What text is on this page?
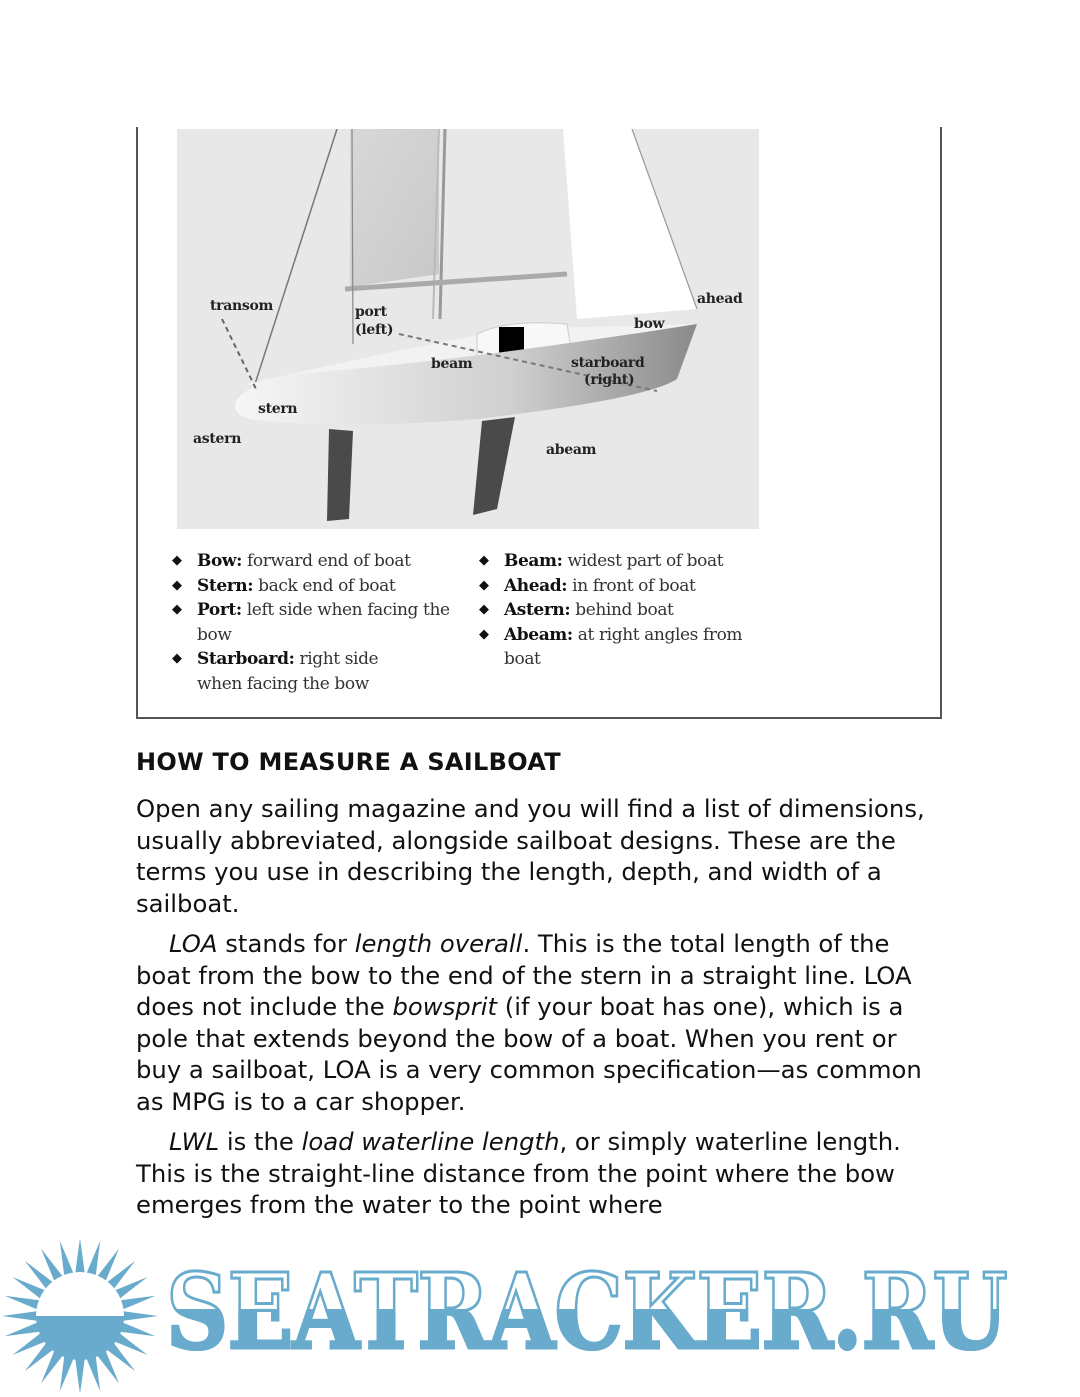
transom	port
(left)
beam	starboard
(right)
bow
ahead
stern
astern
abeam
◆ Bow: forward end of boat
◆ Stern: back end of boat
◆ Port: left side when facing the bow
◆ Starboard: right side when facing the bow
◆ Beam: widest part of boat
◆ Ahead: in front of boat
◆ Astern: behind boat
◆ Abeam: at right angles from boat
HOW TO MEASURE A SAILBOAT

Open any sailing magazine and you will find a list of dimensions, usually abbreviated, alongside sailboat designs. These are the terms you use in describing the length, depth, and width of a sailboat.

LOA stands for length overall. This is the total length of the boat from the bow to the end of the stern in a straight line. LOA does not include the bowsprit (if your boat has one), which is a pole that extends beyond the bow of a boat. When you rent or buy a sailboat, LOA is a very common specification—as common as MPG is to a car shopper.

LWL is the load waterline length, or simply waterline length. This is the straight-line distance from the point where the bow emerges from the water to the point where

SEATRACKER.RU
